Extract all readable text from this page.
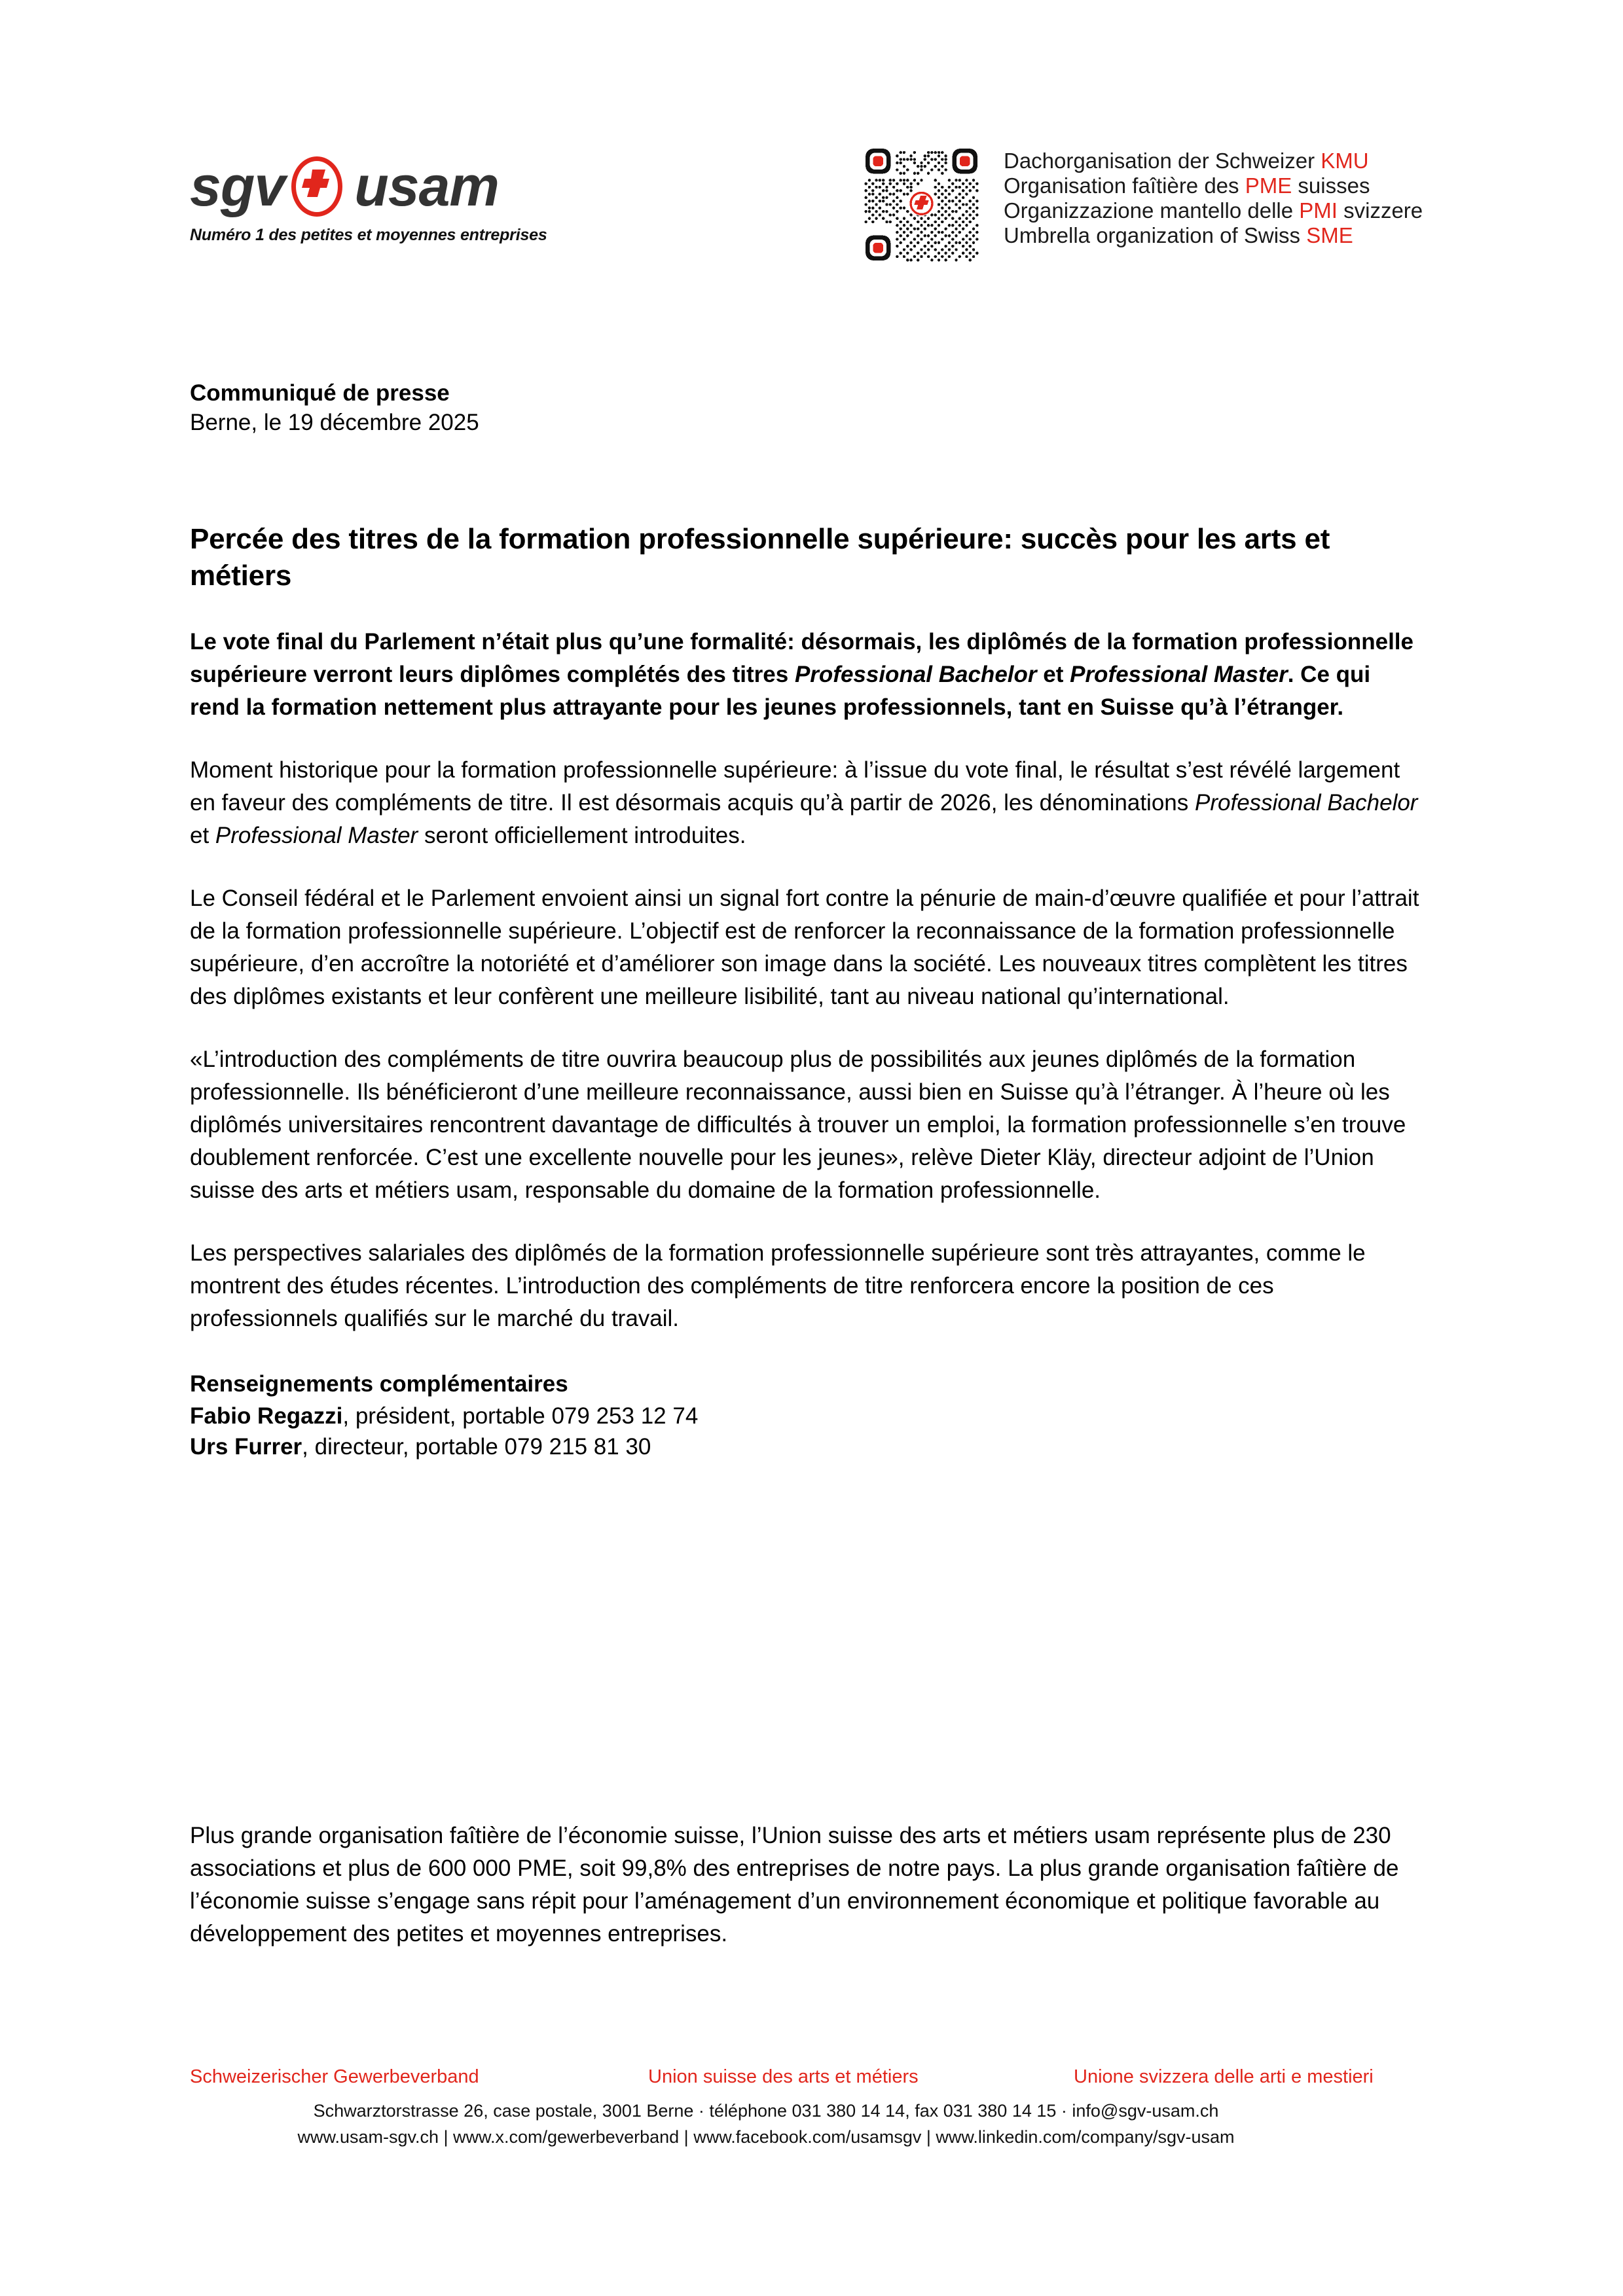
sgv usam
Numéro 1 des petites et moyennes entreprises
Dachorganisation der Schweizer KMU
Organisation faîtière des PME suisses
Organizzazione mantello delle PMI svizzere
Umbrella organization of Swiss SME
Communiqué de presse
Berne, le 19 décembre 2025
Percée des titres de la formation professionnelle supérieure: succès pour les arts et métiers

Le vote final du Parlement n’était plus qu’une formalité: désormais, les diplômés de la formation professionnelle supérieure verront leurs diplômes complétés des titres Professional Bachelor et Professional Master. Ce qui rend la formation nettement plus attrayante pour les jeunes professionnels, tant en Suisse qu’à l’étranger.

Moment historique pour la formation professionnelle supérieure: à l’issue du vote final, le résultat s’est révélé largement en faveur des compléments de titre. Il est désormais acquis qu’à partir de 2026, les dénominations Professional Bachelor et Professional Master seront officiellement introduites.

Le Conseil fédéral et le Parlement envoient ainsi un signal fort contre la pénurie de main-d’œuvre qualifiée et pour l’attrait de la formation professionnelle supérieure. L’objectif est de renforcer la reconnaissance de la formation professionnelle supérieure, d’en accroître la notoriété et d’améliorer son image dans la société. Les nouveaux titres complètent les titres des diplômes existants et leur confèrent une meilleure lisibilité, tant au niveau national qu’international.

«L’introduction des compléments de titre ouvrira beaucoup plus de possibilités aux jeunes diplômés de la formation professionnelle. Ils bénéficieront d’une meilleure reconnaissance, aussi bien en Suisse qu’à l’étranger. À l’heure où les diplômés universitaires rencontrent davantage de difficultés à trouver un emploi, la formation professionnelle s’en trouve doublement renforcée. C’est une excellente nouvelle pour les jeunes», relève Dieter Kläy, directeur adjoint de l’Union suisse des arts et métiers usam, responsable du domaine de la formation professionnelle.

Les perspectives salariales des diplômés de la formation professionnelle supérieure sont très attrayantes, comme le montrent des études récentes. L’introduction des compléments de titre renforcera encore la position de ces professionnels qualifiés sur le marché du travail.

Renseignements complémentaires
Fabio Regazzi, président, portable 079 253 12 74
Urs Furrer, directeur, portable 079 215 81 30

Plus grande organisation faîtière de l’économie suisse, l’Union suisse des arts et métiers usam représente plus de 230 associations et plus de 600 000 PME, soit 99,8% des entreprises de notre pays. La plus grande organisation faîtière de l’économie suisse s’engage sans répit pour l’aménagement d’un environnement économique et politique favorable au développement des petites et moyennes entreprises.

Schweizerischer Gewerbeverband	Union suisse des arts et métiers	Unione svizzera delle arti e mestieri
Schwarztorstrasse 26, case postale, 3001 Berne · téléphone 031 380 14 14, fax 031 380 14 15 · info@sgv-usam.ch
www.usam-sgv.ch | www.x.com/gewerbeverband | www.facebook.com/usamsgv | www.linkedin.com/company/sgv-usam
